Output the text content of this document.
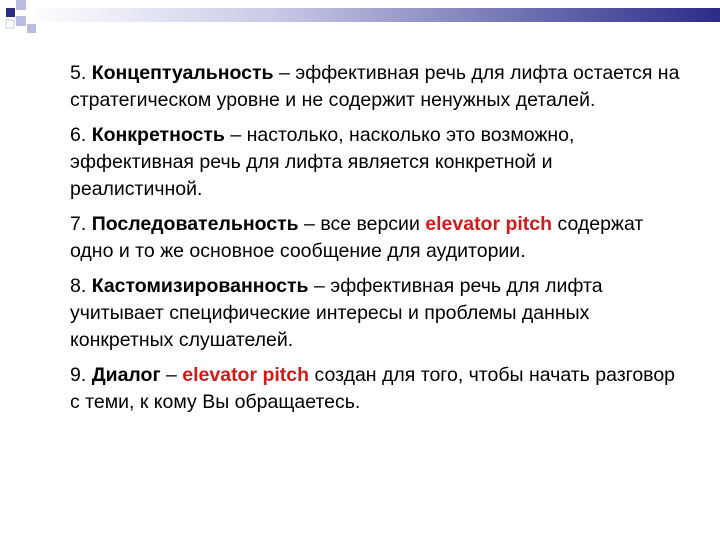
5. Концептуальность – эффективная речь для лифта остается на стратегическом уровне и не содержит ненужных деталей.

6. Конкретность – настолько, насколько это возможно, эффективная речь для лифта является конкретной и реалистичной.

7. Последовательность – все версии elevator pitch содержат одно и то же основное сообщение для аудитории.

8. Кастомизированность – эффективная речь для лифта учитывает специфические интересы и проблемы данных конкретных слушателей.

9. Диалог – elevator pitch создан для того, чтобы начать разговор с теми, к кому Вы обращаетесь.
